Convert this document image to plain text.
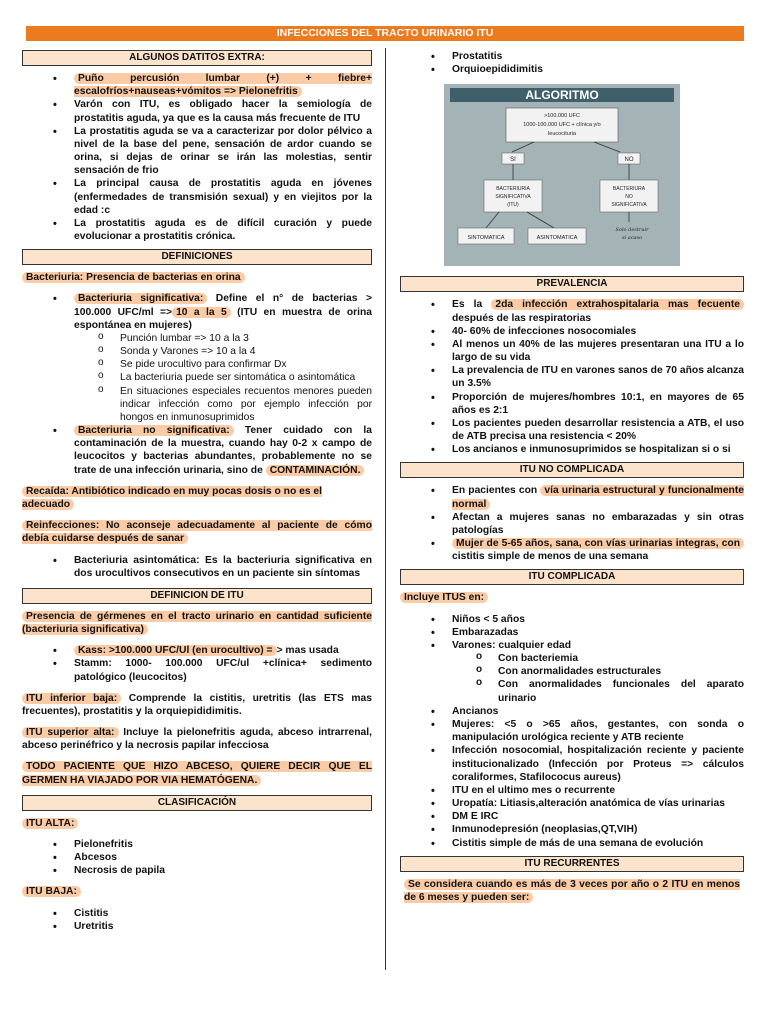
INFECCIONES DEL TRACTO URINARIO ITU
ALGUNOS DATITOS EXTRA:
• Puño percusión lumbar (+) + fiebre+ escalofríos+nauseas+vómitos => Pielonefritis
• Varón con ITU, es obligado hacer la semiología de prostatitis aguda, ya que es la causa más frecuente de ITU
• La prostatitis aguda se va a caracterizar por dolor pélvico a nivel de la base del pene, sensación de ardor cuando se orina, si dejas de orinar se irán las molestias, sentir sensación de frio
• La principal causa de prostatitis aguda en jóvenes (enfermedades de transmisión sexual) y en viejitos por la edad :c
• La prostatitis aguda es de difícil curación y puede evolucionar a prostatitis crónica.
DEFINICIONES

Bacteriuria: Presencia de bacterias en orina

• Bacteriuria significativa: Define el n° de bacterias > 100.000 UFC/ml => 10 a la 5 (ITU en muestra de orina espontánea en mujeres)
o Punción lumbar => 10 a la 3
o Sonda y Varones => 10 a la 4
o Se pide urocultivo para confirmar Dx
o La bacteriuria puede ser sintomática o asintomática
o En situaciones especiales recuentos menores pueden indicar infección como por ejemplo infección por hongos en inmunosuprimidos
• Bacteriuria no significativa: Tener cuidado con la contaminación de la muestra, cuando hay 0-2 x campo de leucocitos y bacterias abundantes, probablemente no se trate de una infección urinaria, sino de CONTAMINACIÓN.

Recaída: Antibiótico indicado en muy pocas dosis o no es el adecuado

Reinfecciones: No aconseje adecuadamente al paciente de cómo debía cuidarse después de sanar

• Bacteriuria asintomática: Es la bacteriuria significativa en dos urocultivos consecutivos en un paciente sin síntomas
DEFINICION DE ITU

Presencia de gérmenes en el tracto urinario en cantidad suficiente (bacteriuria significativa)

• Kass: >100.000 UFC/Ul (en urocultivo) = > mas usada
• Stamm: 1000- 100.000 UFC/ul +clínica+ sedimento patológico (leucocitos)

ITU inferior baja: Comprende la cistitis, uretritis (las ETS mas frecuentes), prostatitis y la orquiepididimitis.

ITU superior alta: Incluye la pielonefritis aguda, abceso intrarrenal, abceso perinéfrico y la necrosis papilar infecciosa

TODO PACIENTE QUE HIZO ABCESO, QUIERE DECIR QUE EL GERMEN HA VIAJADO POR VIA HEMATÓGENA.

CLASIFICACIÓN

ITU ALTA:

• Pielonefritis
• Abcesos
• Necrosis de papila

ITU BAJA:

• Cistitis
• Uretritis
• Prostatitis
• Orquioepididimitis
ALGORITMO
>100.000 UFC
1000-100.000 UFC + clínica y/o
leucocituria
SI	NO
BACTERIURIA
SIGNIFICATIVA
(ITU)
BACTERIURA
NO
SIGNIFICATIVA
SINTOMATICA	ASINTOMATICA
Solo destruir
si acaso
PREVALENCIA
• Es la 2da infección extrahospitalaria mas fecuente después de las respiratorias
• 40- 60% de infecciones nosocomiales
• Al menos un 40% de las mujeres presentaran una ITU a lo largo de su vida
• La prevalencia de ITU en varones sanos de 70 años alcanza un 3.5%
• Proporción de mujeres/hombres 10:1, en mayores de 65 años es 2:1
• Los pacientes pueden desarrollar resistencia a ATB, el uso de ATB precisa una resistencia < 20%
• Los ancianos e inmunosuprimidos se hospitalizan si o si
ITU NO COMPLICADA
• En pacientes con vía urinaria estructural y funcionalmente normal
• Afectan a mujeres sanas no embarazadas y sin otras patologías
• Mujer de 5-65 años, sana, con vías urinarias integras, con cistitis simple de menos de una semana
ITU COMPLICADA

Incluye ITUS en:

• Niños < 5 años
• Embarazadas
• Varones: cualquier edad
o Con bacteriemia
o Con anormalidades estructurales
o Con anormalidades funcionales del aparato urinario
• Ancianos
• Mujeres: <5 o >65 años, gestantes, con sonda o manipulación urológica reciente y ATB reciente
• Infección nosocomial, hospitalización reciente y paciente institucionalizado (Infección por Proteus => cálculos coraliformes, Stafilococus aureus)
• ITU en el ultimo mes o recurrente
• Uropatía: Litiasis,alteración anatómica de vías urinarias
• DM E IRC
• Inmunodepresión (neoplasias,QT,VIH)
• Cistitis simple de más de una semana de evolución
ITU RECURRENTES

Se considera cuando es más de 3 veces por año o 2 ITU en menos de 6 meses y pueden ser:
